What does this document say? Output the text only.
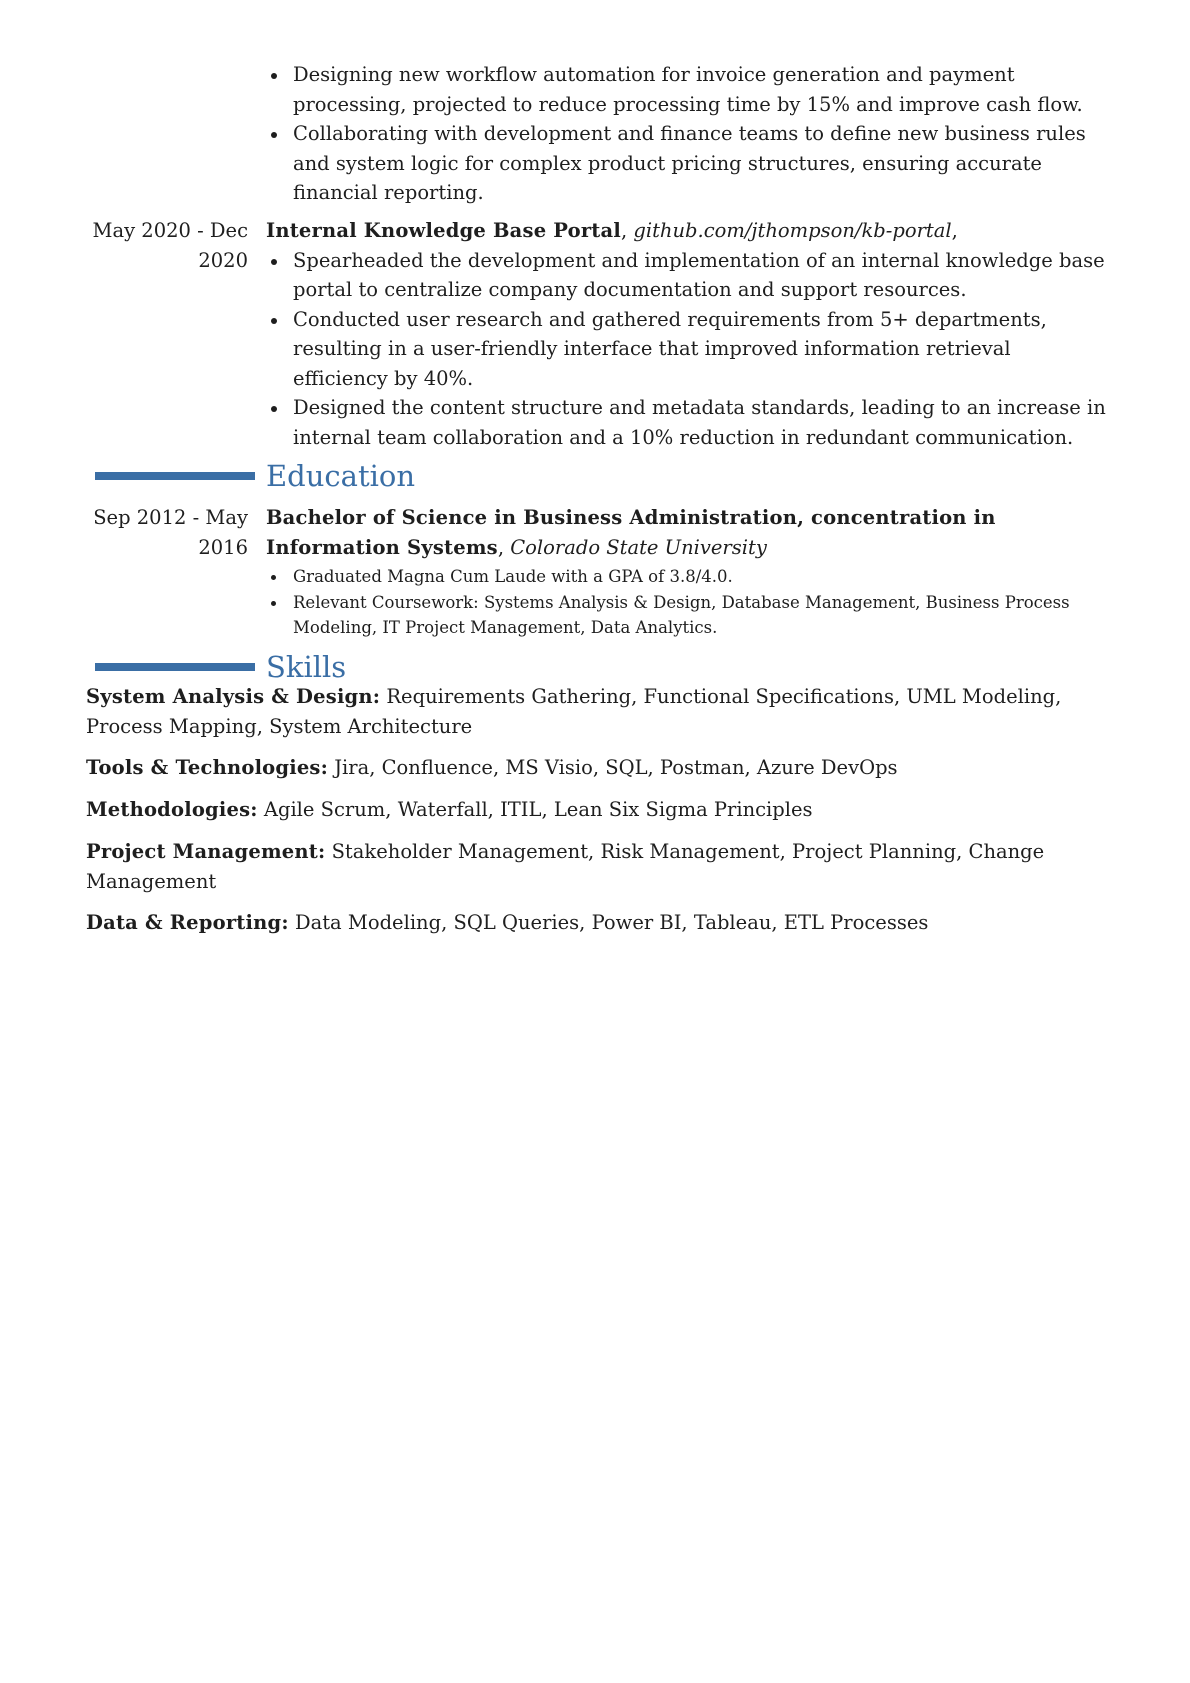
Designing new workflow automation for invoice generation and payment processing, projected to reduce processing time by 15% and improve cash flow.
Collaborating with development and finance teams to define new business rules and system logic for complex product pricing structures, ensuring accurate financial reporting.
May 2020 - Dec 2020
Internal Knowledge Base Portal, github.com/jthompson/kb-portal,
Spearheaded the development and implementation of an internal knowledge base portal to centralize company documentation and support resources.
Conducted user research and gathered requirements from 5+ departments, resulting in a user-friendly interface that improved information retrieval efficiency by 40%.
Designed the content structure and metadata standards, leading to an increase in internal team collaboration and a 10% reduction in redundant communication.
Education
Sep 2012 - May 2016
Bachelor of Science in Business Administration, concentration in Information Systems, Colorado State University
Graduated Magna Cum Laude with a GPA of 3.8/4.0.
Relevant Coursework: Systems Analysis & Design, Database Management, Business Process Modeling, IT Project Management, Data Analytics.
Skills
System Analysis & Design: Requirements Gathering, Functional Specifications, UML Modeling, Process Mapping, System Architecture
Tools & Technologies: Jira, Confluence, MS Visio, SQL, Postman, Azure DevOps
Methodologies: Agile Scrum, Waterfall, ITIL, Lean Six Sigma Principles
Project Management: Stakeholder Management, Risk Management, Project Planning, Change Management
Data & Reporting: Data Modeling, SQL Queries, Power BI, Tableau, ETL Processes
